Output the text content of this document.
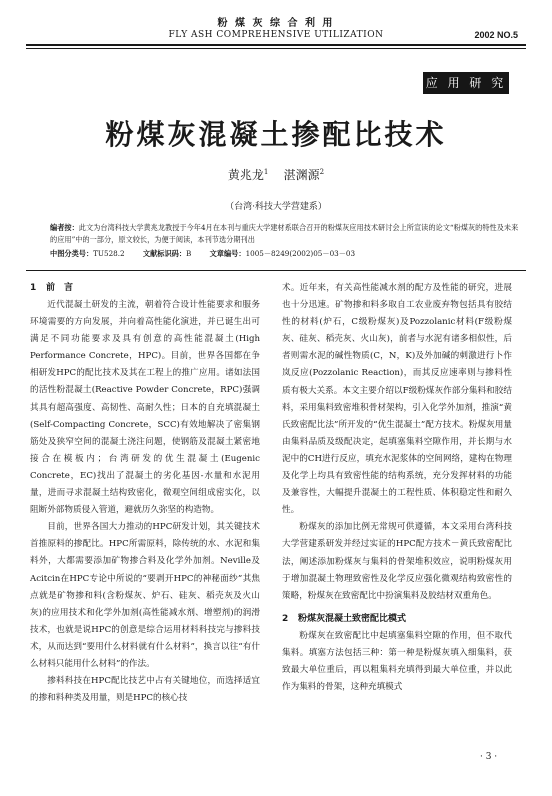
粉 煤 灰 综 合 利 用
FLY ASH COMPREHENSIVE UTILIZATION	2002 NO.5
应 用 研 究
粉煤灰混凝土掺配比技术
黄兆龙$^1$ 湛渊源$^2$
（台湾·科技大学营建系）
编者按：此文为台湾科技大学黄兆龙教授于今年4月在本刊与重庆大学建材系联合召开的粉煤灰应用技术研讨会上所宣读的论文“粉煤灰的特性及未来的应用”中的一部分，原文较长，为便于阅读，本刊节选分期刊出
中图分类号：TU528.2	文献标识码：B	文章编号：1005－8249(2002)05－03－03

1 前　言

近代混凝土研发的主流，朝着符合设计性能要求和服务环境需要的方向发展，并向着高性能化演进，并已诞生出可满足不同功能要求及具有创意的高性能混凝土(High Performance Concrete，HPC)。目前，世界各国都在争相研发HPC的配比技术及其在工程上的推广应用。诸如法国的活性粉混凝土(Reactive Powder Concrete，RPC)强调其具有超高强度、高韧性、高耐久性；日本的自充填混凝土(Self-Compacting Concrete，SCC)有效地解决了密集钢筋处及狭窄空间的混凝土浇注问题，使钢筋及混凝土紧密地接合在模板内；台湾研发的优生混凝土(Eugenic Concrete，EC)找出了混凝土的劣化基因-水量和水泥用量，进而寻求混凝土结构致密化，微观空间组成密实化，以阻断外部物质侵入管道，避就历久弥坚的构造物。

目前，世界各国大力推动的HPC研发计划，其关键技术首推原料的掺配比。HPC所需原料，除传统的水、水泥和集料外，大都需要添加矿物掺合料及化学外加剂。Neville及Acitcin在HPC专论中所说的“要剥开HPC的神秘面纱”其焦点就是矿物掺和料(含粉煤灰、炉石、硅灰、稻壳灰及火山灰)的应用技术和化学外加剂(高性能减水剂、增塑剂)的润滑技术，也就是说HPC的创意是综合运用材料科技完与掺料技术，从而达到“要用什么材料就有什么材料”，换言以往“有什么材料只能用什么材料”的作法。

掺料科技在HPC配比技艺中占有关键地位，而选择适宜的掺和料种类及用量，则是HPC的核心技

术。近年来，有关高性能减水剂的配方及性能的研究，进展也十分迅速。矿物掺和料多取自工农业废弃物包括具有胶结性的材料(炉石，C级粉煤灰)及Pozzolanic材料(F级粉煤灰、硅灰、稻壳灰、火山灰)，前者与水泥有诸多相似性，后者则需水泥的碱性物质(C，N，K)及外加碱的刺激进行卜作岚反应(Pozzolanic Reaction)，而其反应速率则与掺料性质有极大关系。本文主要介绍以F级粉煤灰作部分集料和胶结料，采用集料致密堆积骨材架构，引入化学外加剂，推演“黄氏致密配比法”所开发的“优生混凝土”配方技术。粉煤灰用量由集料品质及级配决定，起填塞集料空隙作用，并长期与水泥中的CH进行反应，填充水泥浆体的空间网络，建构在物理及化学上均具有致密性能的结构系统，充分发挥材料的功能及兼容性，大幅提升混凝土的工程性质、体积稳定性和耐久性。

粉煤灰的添加比例无常规可供遵循，本文采用台湾科技大学营建系研发并经过实证的HPC配方技术－黄氏致密配比法，阐述添加粉煤灰与集料的骨架堆积效应，说明粉煤灰用于增加混凝土物理致密性及化学反应强化微观结构致密性的策略，粉煤灰在致密配比中扮演集料及胶结材双重角色。

2 粉煤灰混凝土致密配比模式

粉煤灰在致密配比中起填塞集料空隙的作用，但不取代集料。填塞方法包括三种：第一种是粉煤灰填入细集料，获致最大单位重后，再以粗集料充填得到最大单位重，并以此作为集料的骨架，这种充填模式

· 3 ·
